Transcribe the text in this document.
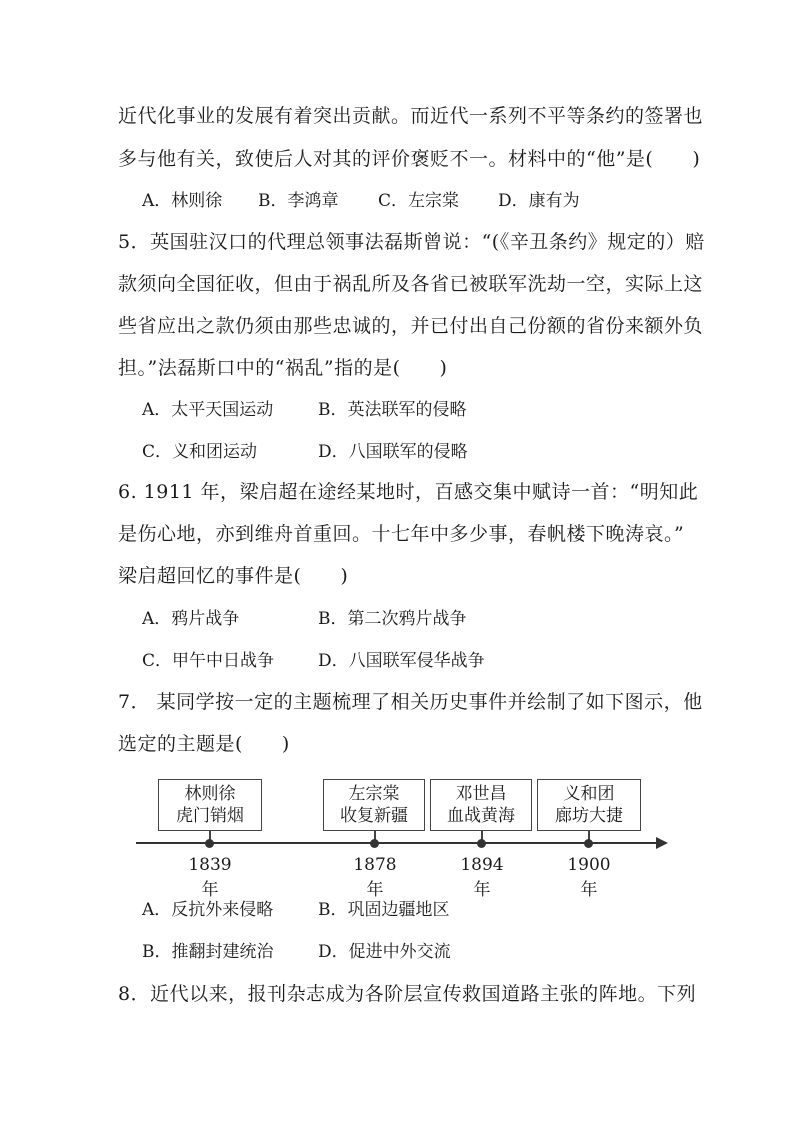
近代化事业的发展有着突出贡献。而近代一系列不平等条约的签署也
多与他有关，致使后人对其的评价褒贬不一。材料中的“他”是(　　)
A．林则徐 B．李鸿章 C．左宗棠 D．康有为
5．英国驻汉口的代理总领事法磊斯曾说：“(《辛丑条约》规定的）赔
款须向全国征收，但由于祸乱所及各省已被联军洗劫一空，实际上这
些省应出之款仍须由那些忠诚的，并已付出自己份额的省份来额外负
担。”法磊斯口中的“祸乱”指的是(　　)
A．太平天国运动	B．英法联军的侵略
C．义和团运动	D．八国联军的侵略
6. 1911 年，梁启超在途经某地时，百感交集中赋诗一首：“明知此
是伤心地，亦到维舟首重回。十七年中多少事，春帆楼下晚涛哀。”
梁启超回忆的事件是(　　)
A．鸦片战争	B．第二次鸦片战争
C．甲午中日战争	D．八国联军侵华战争
7． 某同学按一定的主题梳理了相关历史事件并绘制了如下图示，他
选定的主题是(　　)
林则徐
虎门销烟
1839年
左宗棠
收复新疆
1878年
邓世昌
血战黄海
1894年
义和团
廊坊大捷
1900年
A．反抗外来侵略	B．巩固边疆地区
B．推翻封建统治	D．促进中外交流
8．近代以来，报刊杂志成为各阶层宣传救国道路主张的阵地。下列
